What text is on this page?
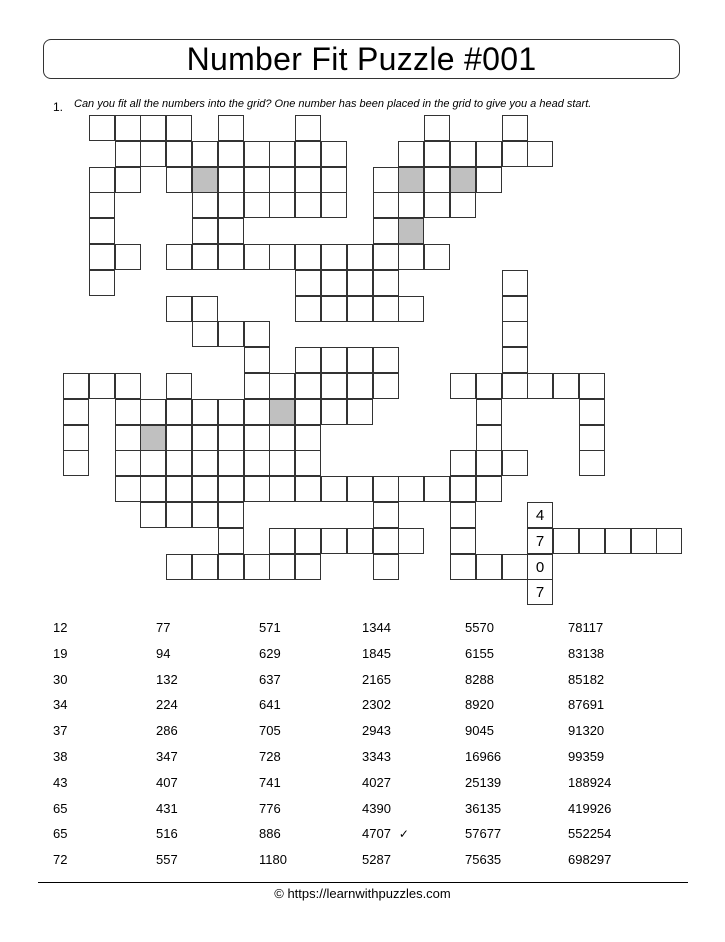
Number Fit Puzzle #001
1. Can you fit all the numbers into the grid? One number has been placed in the grid to give you a head start.
4
7
0
7
12
19
30
34
37
38
43
65
65
72
77
94
132
224
286
347
407
431
516
557
571
629
637
641
705
728
741
776
886
1180
1344
1845
2165
2302
2943
3343
4027
4390
4707 ✓
5287
5570
6155
8288
8920
9045
16966
25139
36135
57677
75635
78117
83138
85182
87691
91320
99359
188924
419926
552254
698297
© https://learnwithpuzzles.com
